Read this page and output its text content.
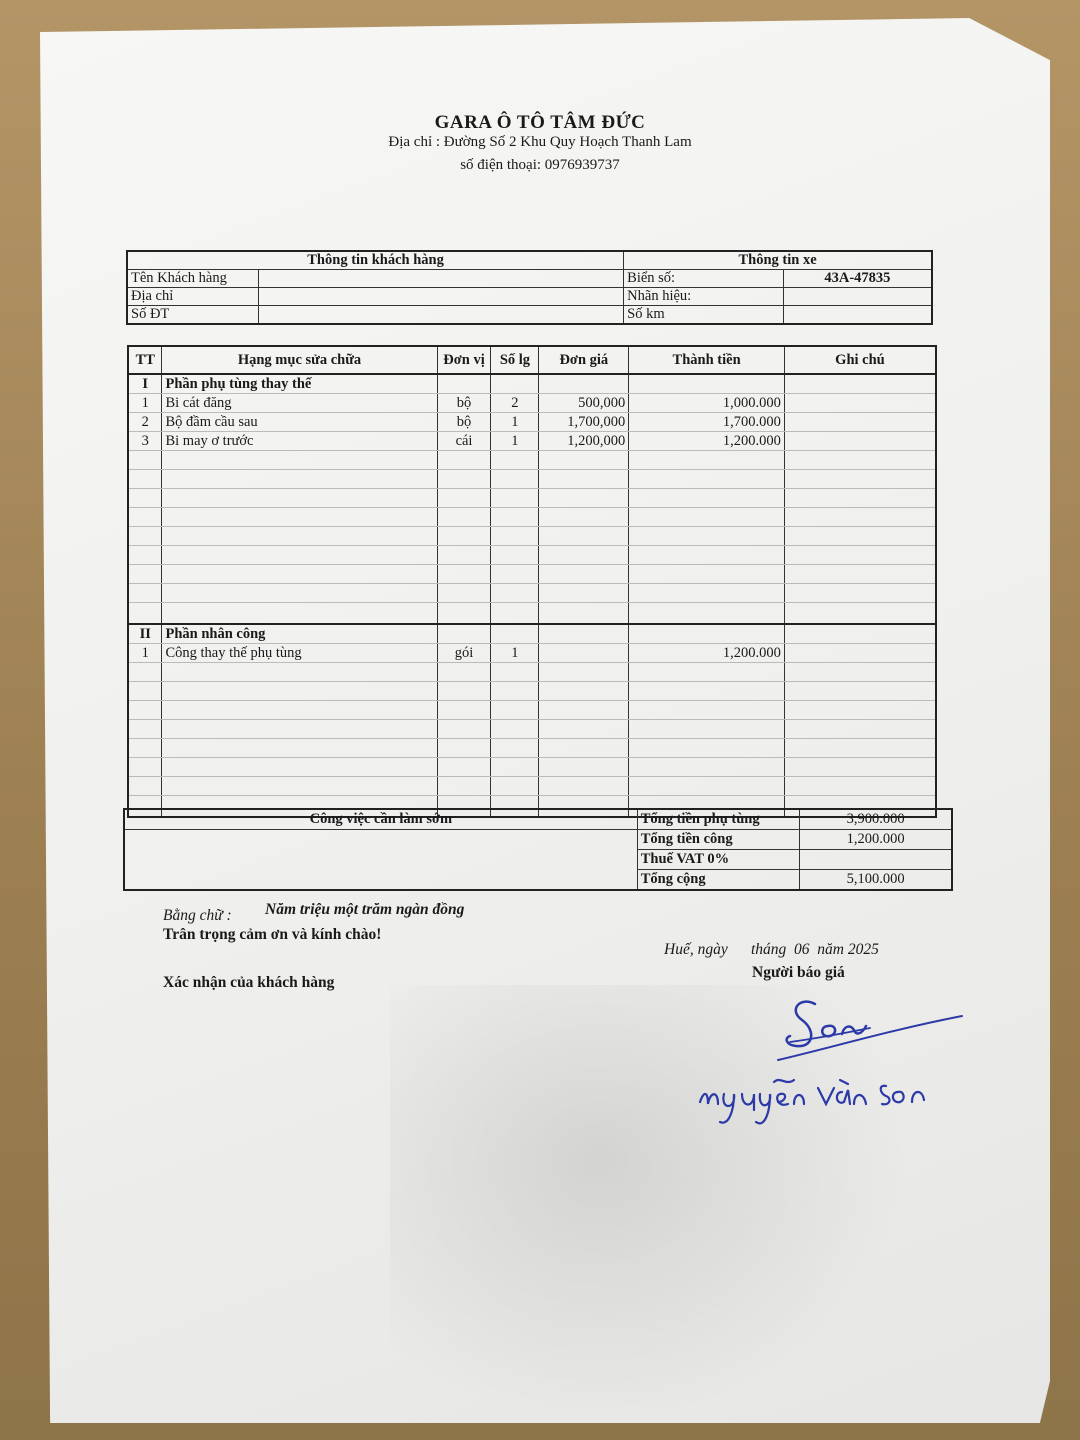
GARA Ô TÔ TÂM ĐỨC
Địa chỉ : Đường Số 2 Khu Quy Hoạch Thanh Lam
số điện thoại: 0976939737
Thông tin khách hàng		Thông tin xe	
Tên Khách hàng		Biển số:	43A-47835
Địa chỉ		Nhãn hiệu:	
Số ĐT		Số km	
TT	Hạng mục sửa chữa	Đơn vị	Số lg	Đơn giá	Thành tiền	Ghi chú
I	Phần phụ tùng thay thế					
1	Bi cát đăng	bộ	2	500,000	1,000.000	
2	Bộ đầm cầu sau	bộ	1	1,700,000	1,700.000	
3	Bi may ơ trước	cái	1	1,200,000	1,200.000	

II	Phần nhân công					
1	Công thay thế phụ tùng	gói	1		1,200.000	

Công việc cần làm sớm	Tổng tiền phụ tùng	3,900.000
	Tổng tiền công	1,200.000
	Thuế VAT 0%	
	Tổng cộng	5,100.000
Bằng chữ : Năm triệu một trăm ngàn đồng
Trân trọng cảm ơn và kính chào!
Huế, ngày      tháng  06  năm 2025
Người báo giá
Xác nhận của khách hàng
